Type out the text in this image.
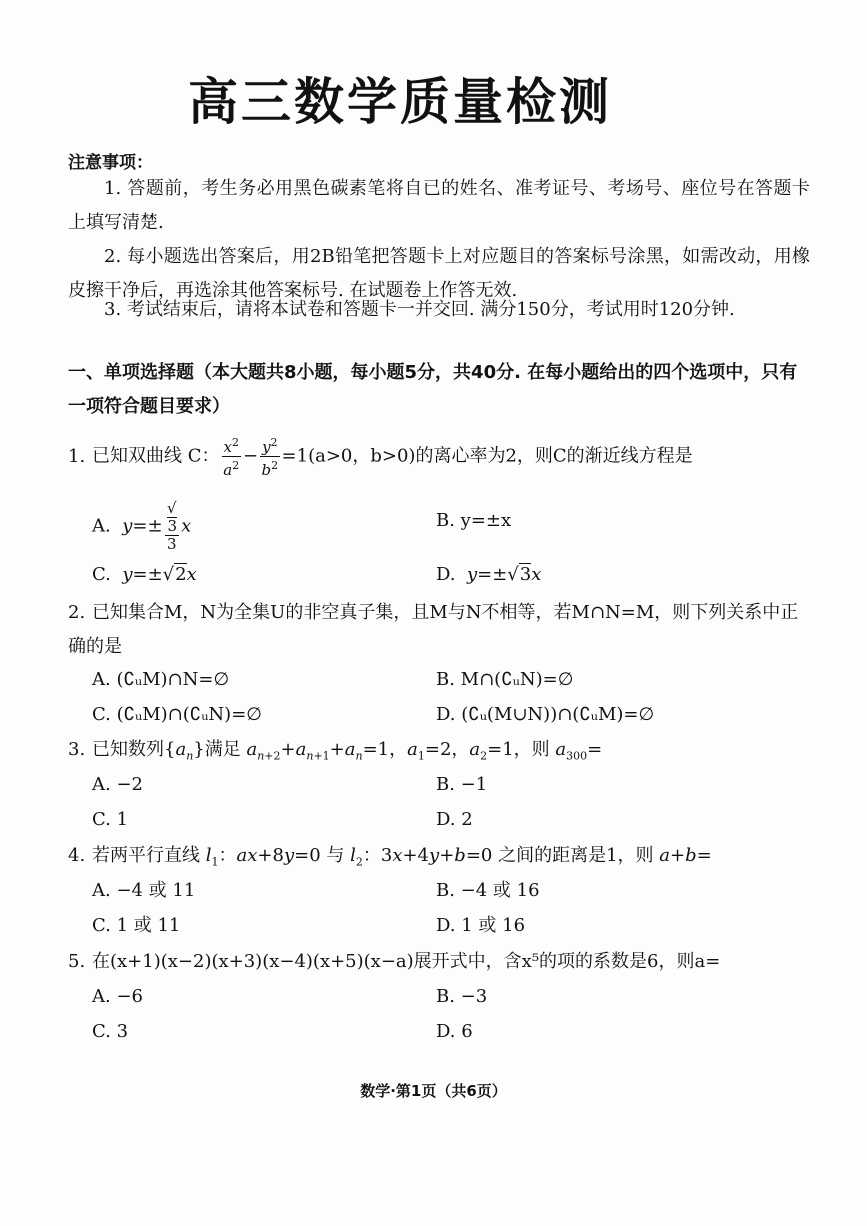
高三数学质量检测
注意事项：
1. 答题前，考生务必用黑色碳素笔将自已的姓名、准考证号、考场号、座位号在答题卡上填写清楚.
2. 每小题选出答案后，用2B铅笔把答题卡上对应题目的答案标号涂黑，如需改动，用橡皮擦干净后，再选涂其他答案标号. 在试题卷上作答无效.
3. 考试结束后，请将本试卷和答题卡一并交回. 满分150分，考试用时120分钟.
一、单项选择题（本大题共8小题，每小题5分，共40分. 在每小题给出的四个选项中，只有一项符合题目要求）
1. 已知双曲线 C： $\frac{x^2}{a^2} - \frac{y^2}{b^2} =1(a>0$，b>0)的离心率为2，则C的渐近线方程是
A. y=± √
3
3 x	B. y=±x
C. y=±√2x	D. y=±√3x
2. 已知集合M，N为全集U的非空真子集，且M与N不相等，若M∩N=M，则下列关系中正确的是
A. (∁ᵤM)∩N=∅	B. M∩(∁ᵤN)=∅
C. (∁ᵤM)∩(∁ᵤN)=∅	D. (∁ᵤ(M∪N))∩(∁ᵤM)=∅
3. 已知数列$\{a_n\}$满足 $a_{n+2}+a_{n+1}+a_n=1$，$a_1=2$，$a_2=1$，则 $a_{300}=$
A. −2	B. −1
C. 1	D. 2
4. 若两平行直线 $l_1$：ax+8y=0 与 $l_2$：3x+4y+b=0 之间的距离是1，则 a+b=
A. −4 或 11	B. −4 或 16
C. 1 或 11	D. 1 或 16
5. 在(x+1)(x−2)(x+3)(x−4)(x+5)(x−a)展开式中，含x⁵的项的系数是6，则a=
A. −6	B. −3
C. 3	D. 6
数学·第1页（共6页）
